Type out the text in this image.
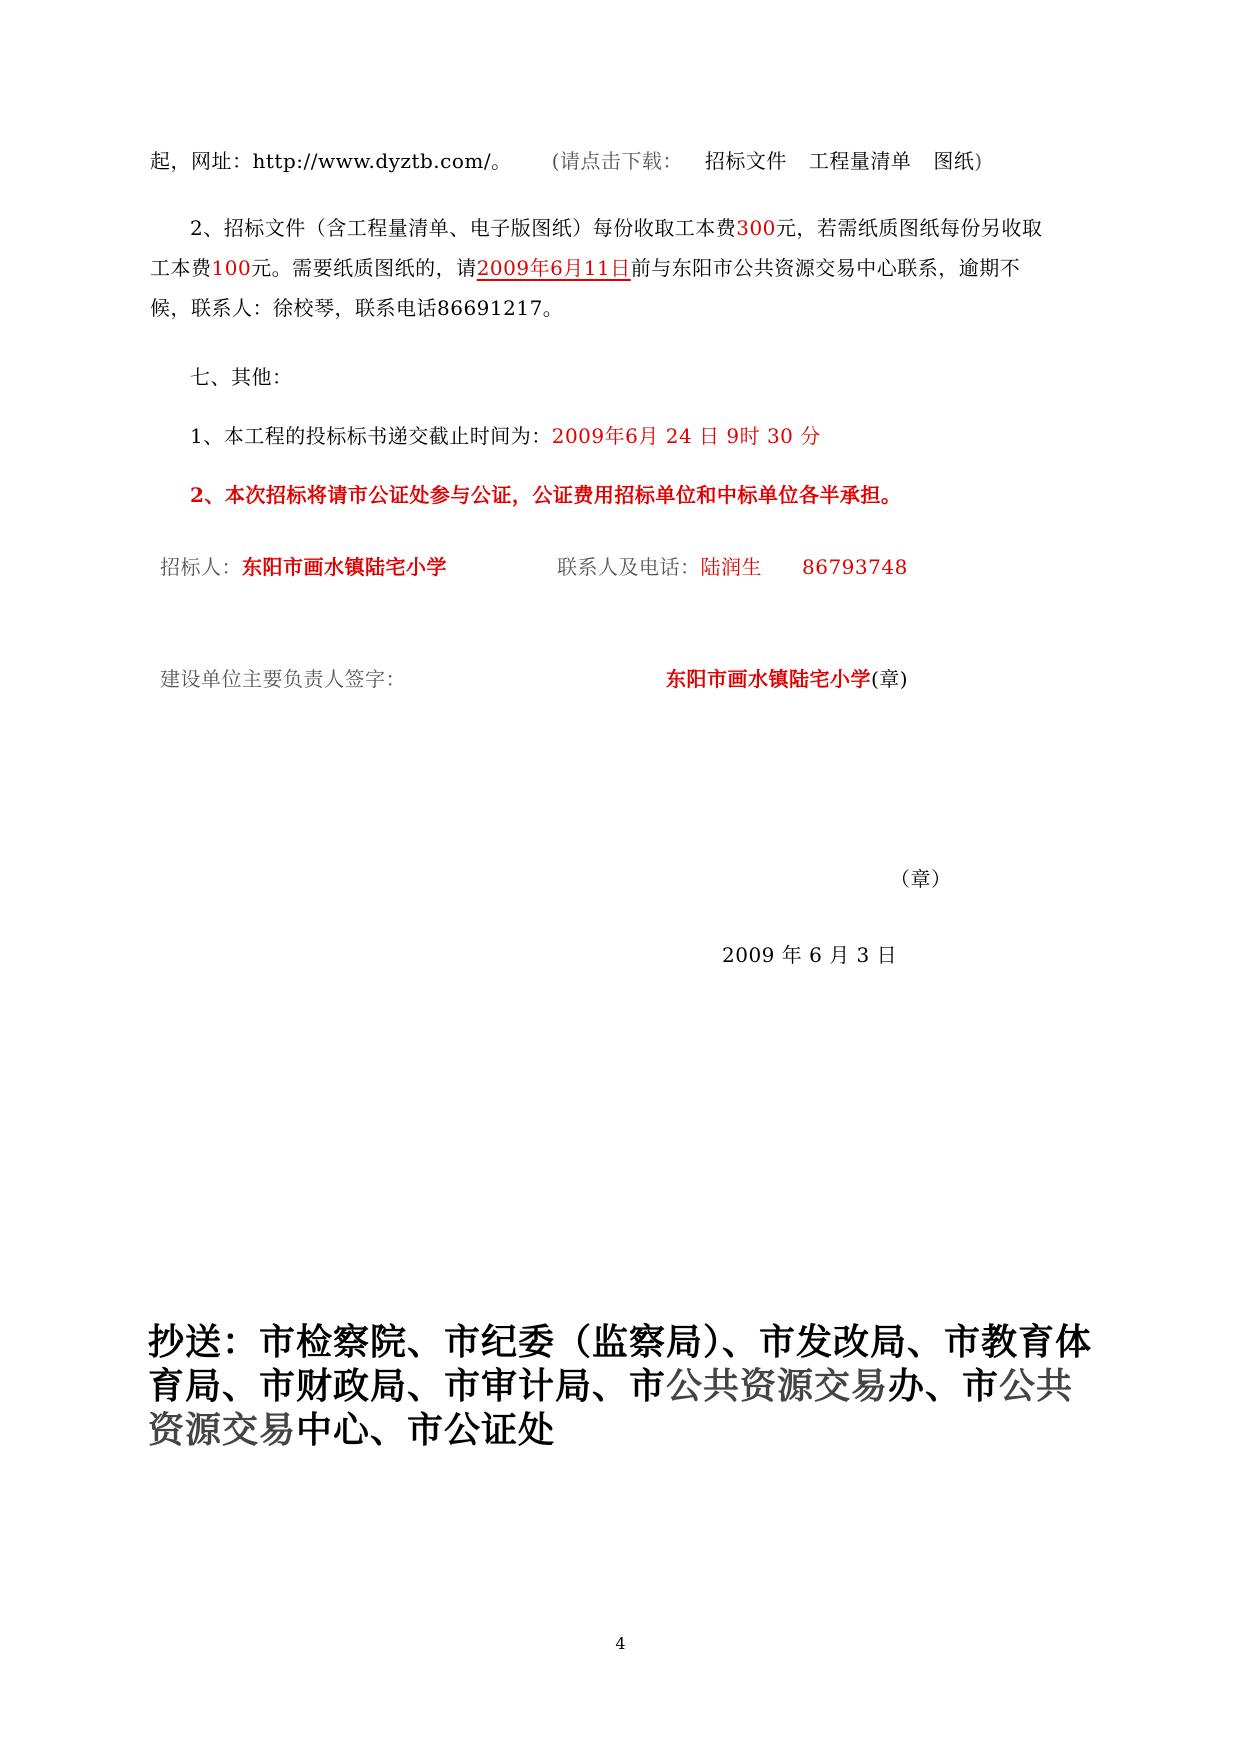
起，网址：http://www.dyztb.com/。 (请点击下载： 招标文件 工程量清单 图纸)
2、招标文件（含工程量清单、电子版图纸）每份收取工本费300元，若需纸质图纸每份另收取
工本费100元。需要纸质图纸的，请2009年6月11日前与东阳市公共资源交易中心联系，逾期不
候，联系人：徐校琴，联系电话86691217。
七、其他：
1、本工程的投标标书递交截止时间为：2009年6月 24 日 9时 30 分
2、本次招标将请市公证处参与公证，公证费用招标单位和中标单位各半承担。
招标人：东阳市画水镇陆宅小学	联系人及电话：陆润生 86793748
建设单位主要负责人签字：	东阳市画水镇陆宅小学(章)
（章）
2009 年 6 月 3 日
抄送：市检察院、市纪委（监察局）、市发改局、市教育体
育局、市财政局、市审计局、市公共资源交易办、市公共
资源交易中心、市公证处
4
